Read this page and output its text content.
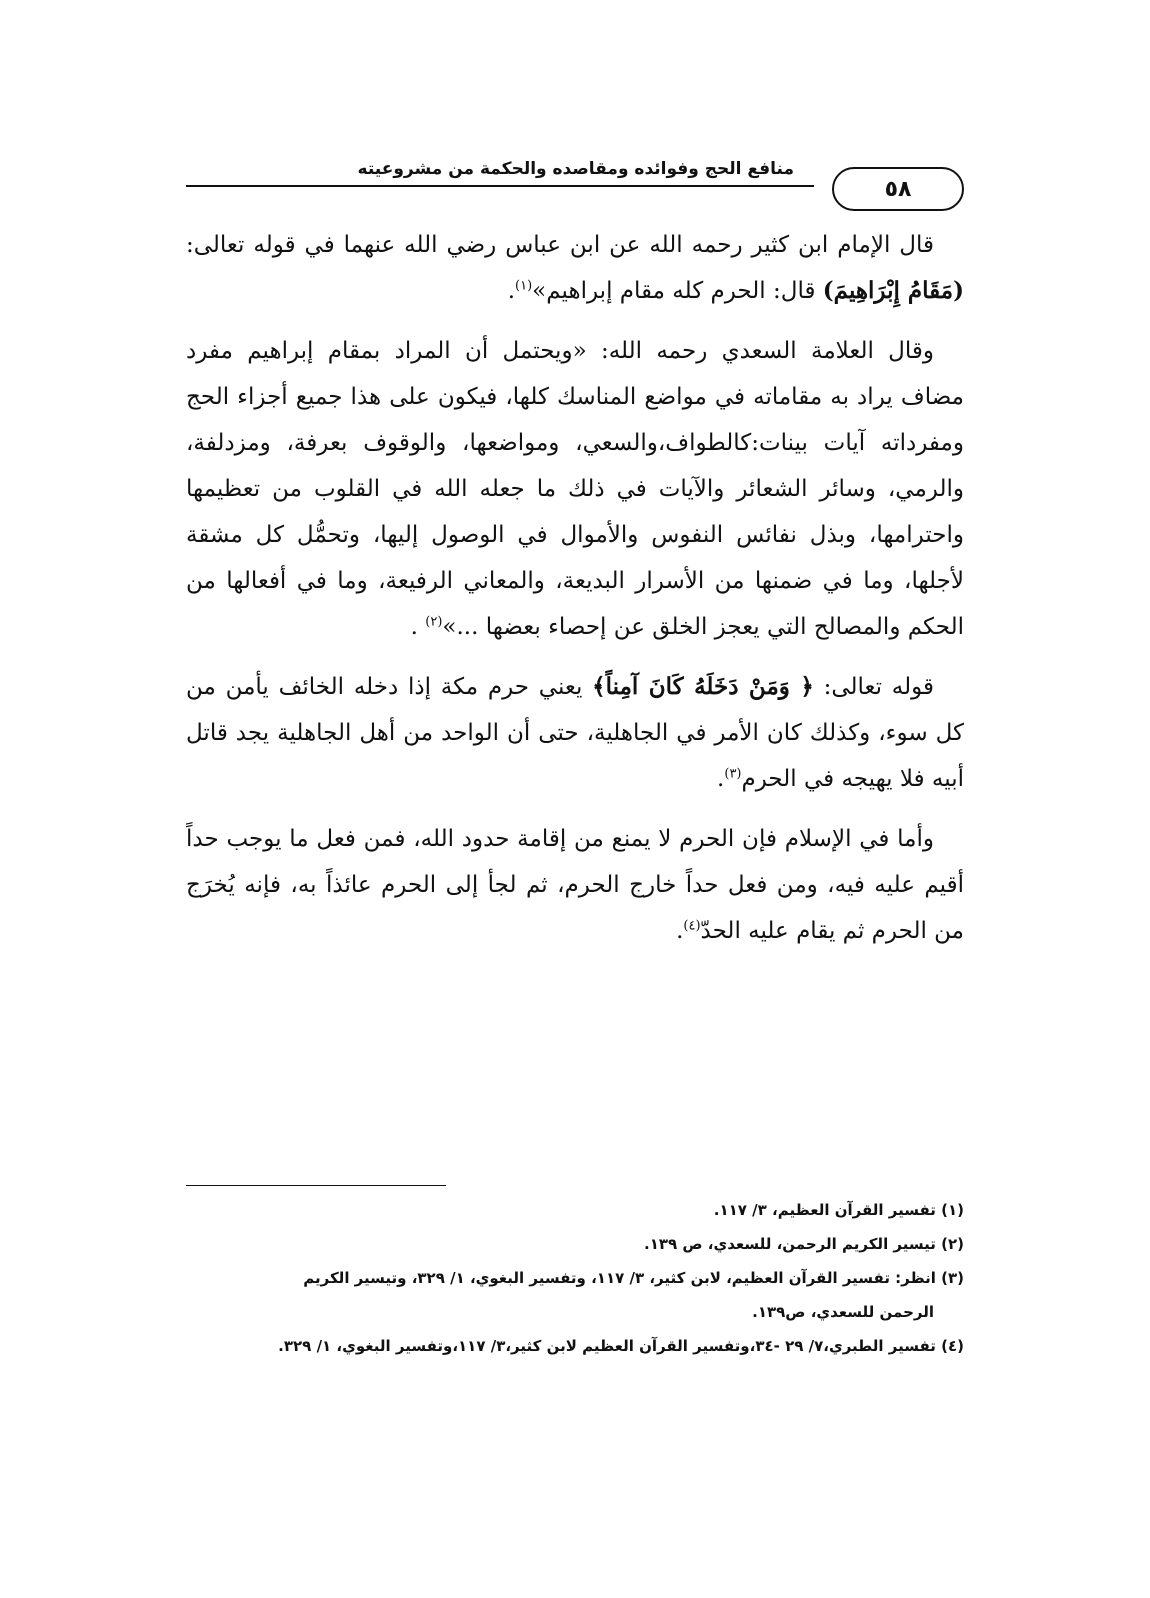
منافع الحج وفوائده ومقاصده والحكمة من مشروعيته
٥٨

قال الإمام ابن كثير رحمه الله عن ابن عباس رضي الله عنهما في قوله تعالى: (مَقَامُ إِبْرَاهِيمَ) قال: الحرم كله مقام إبراهيم»$^{(١)}$.

وقال العلامة السعدي رحمه الله: «ويحتمل أن المراد بمقام إبراهيم مفرد مضاف يراد به مقاماته في مواضع المناسك كلها، فيكون على هذا جميع أجزاء الحج ومفرداته آيات بينات:كالطواف،والسعي، ومواضعها، والوقوف بعرفة، ومزدلفة، والرمي، وسائر الشعائر والآيات في ذلك ما جعله الله في القلوب من تعظيمها واحترامها، وبذل نفائس النفوس والأموال في الوصول إليها، وتحمُّل كل مشقة لأجلها، وما في ضمنها من الأسرار البديعة، والمعاني الرفيعة، وما في أفعالها من الحكم والمصالح التي يعجز الخلق عن إحصاء بعضها ...»$^{(٢)}$ .

قوله تعالى: ﴿ وَمَنْ دَخَلَهُ كَانَ آمِناً﴾ يعني حرم مكة إذا دخله الخائف يأمن من كل سوء، وكذلك كان الأمر في الجاهلية، حتى أن الواحد من أهل الجاهلية يجد قاتل أبيه فلا يهيجه في الحرم$^{(٣)}$.

وأما في الإسلام فإن الحرم لا يمنع من إقامة حدود الله، فمن فعل ما يوجب حداً أقيم عليه فيه، ومن فعل حداً خارج الحرم، ثم لجأ إلى الحرم عائذاً به، فإنه يُخرَج من الحرم ثم يقام عليه الحدّ$^{(٤)}$.

(١) تفسير القرآن العظيم، ٣/ ١١٧.

(٢) تيسير الكريم الرحمن، للسعدي، ص ١٣٩.

(٣) انظر: تفسير القرآن العظيم، لابن كثير، ٣/ ١١٧، وتفسير البغوي، ١/ ٣٢٩، وتيسير الكريم

الرحمن للسعدي، ص١٣٩.

(٤) تفسير الطبري،٧/ ٢٩ -٣٤،وتفسير القرآن العظيم لابن كثير،٣/ ١١٧،وتفسير البغوي، ١/ ٣٢٩.
